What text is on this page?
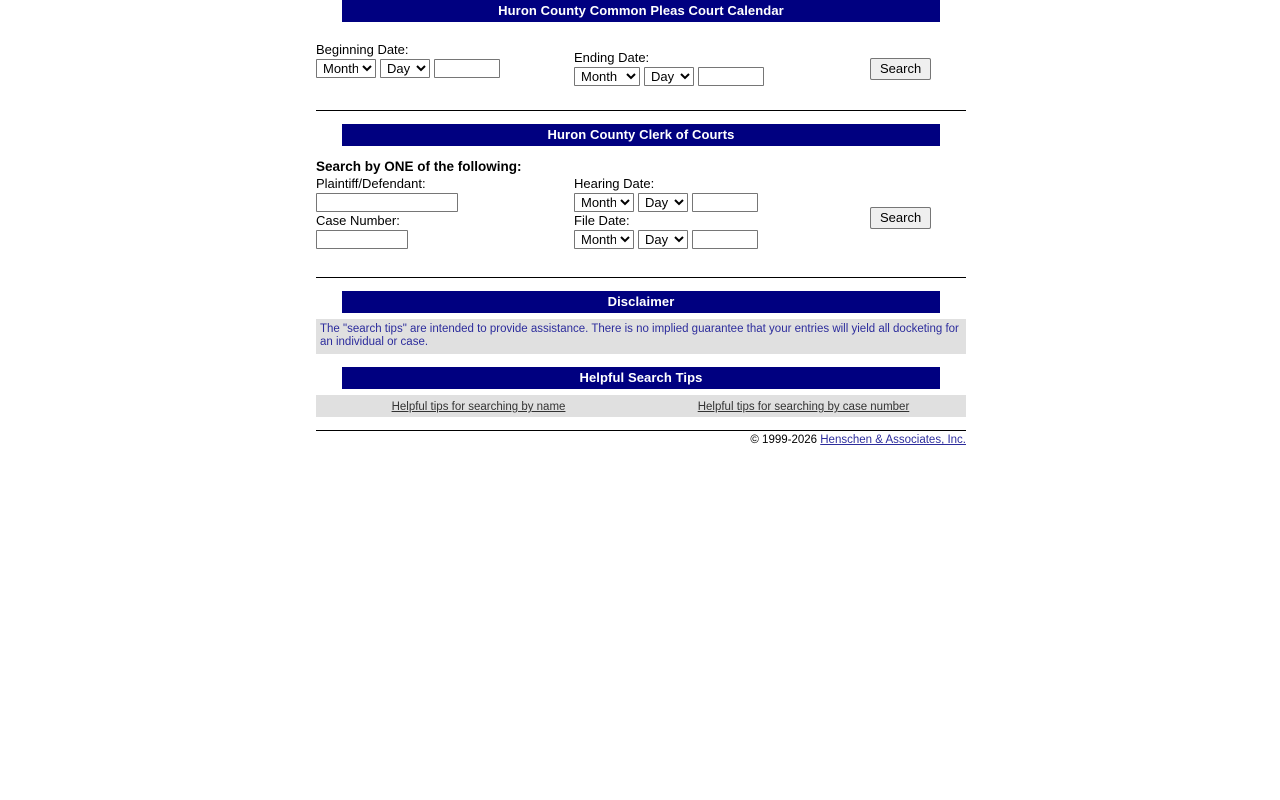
Huron County Common Pleas Court Calendar
Beginning Date:
Month
Day
Ending Date:
Month
Day
Search
Huron County Clerk of Courts
Search by ONE of the following:
Plaintiff/Defendant:
Case Number:
Hearing Date:
Month
Day
File Date:
Month
Day	Search
Disclaimer
The "search tips" are intended to provide assistance. There is no implied guarantee that your entries will yield all docketing for an individual or case.
Helpful Search Tips
Helpful tips for searching by name	Helpful tips for searching by case number
© 1999-2026 Henschen & Associates, Inc.
